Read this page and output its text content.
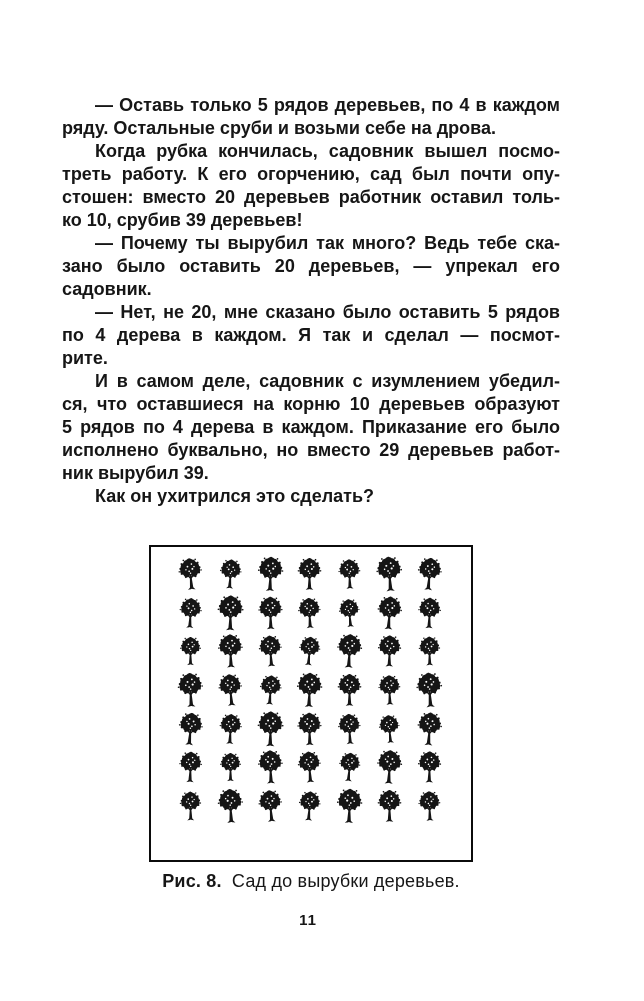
— Оставь только 5 рядов деревьев, по 4 в каждом
ряду. Остальные сруби и возьми себе на дрова.
Когда рубка кончилась, садовник вышел посмо-
треть работу. К его огорчению, сад был почти опу-
стошен: вместо 20 деревьев работник оставил толь-
ко 10, срубив 39 деревьев!
— Почему ты вырубил так много? Ведь тебе ска-
зано было оставить 20 деревьев, — упрекал его
садовник.
— Нет, не 20, мне сказано было оставить 5 рядов
по 4 дерева в каждом. Я так и сделал — посмот-
рите.
И в самом деле, садовник с изумлением убедил-
ся, что оставшиеся на корню 10 деревьев образуют
5 рядов по 4 дерева в каждом. Приказание его было
исполнено буквально, но вместо 29 деревьев работ-
ник вырубил 39.
Как он ухитрился это сделать?
Рис. 8. Сад до вырубки деревьев.
11
